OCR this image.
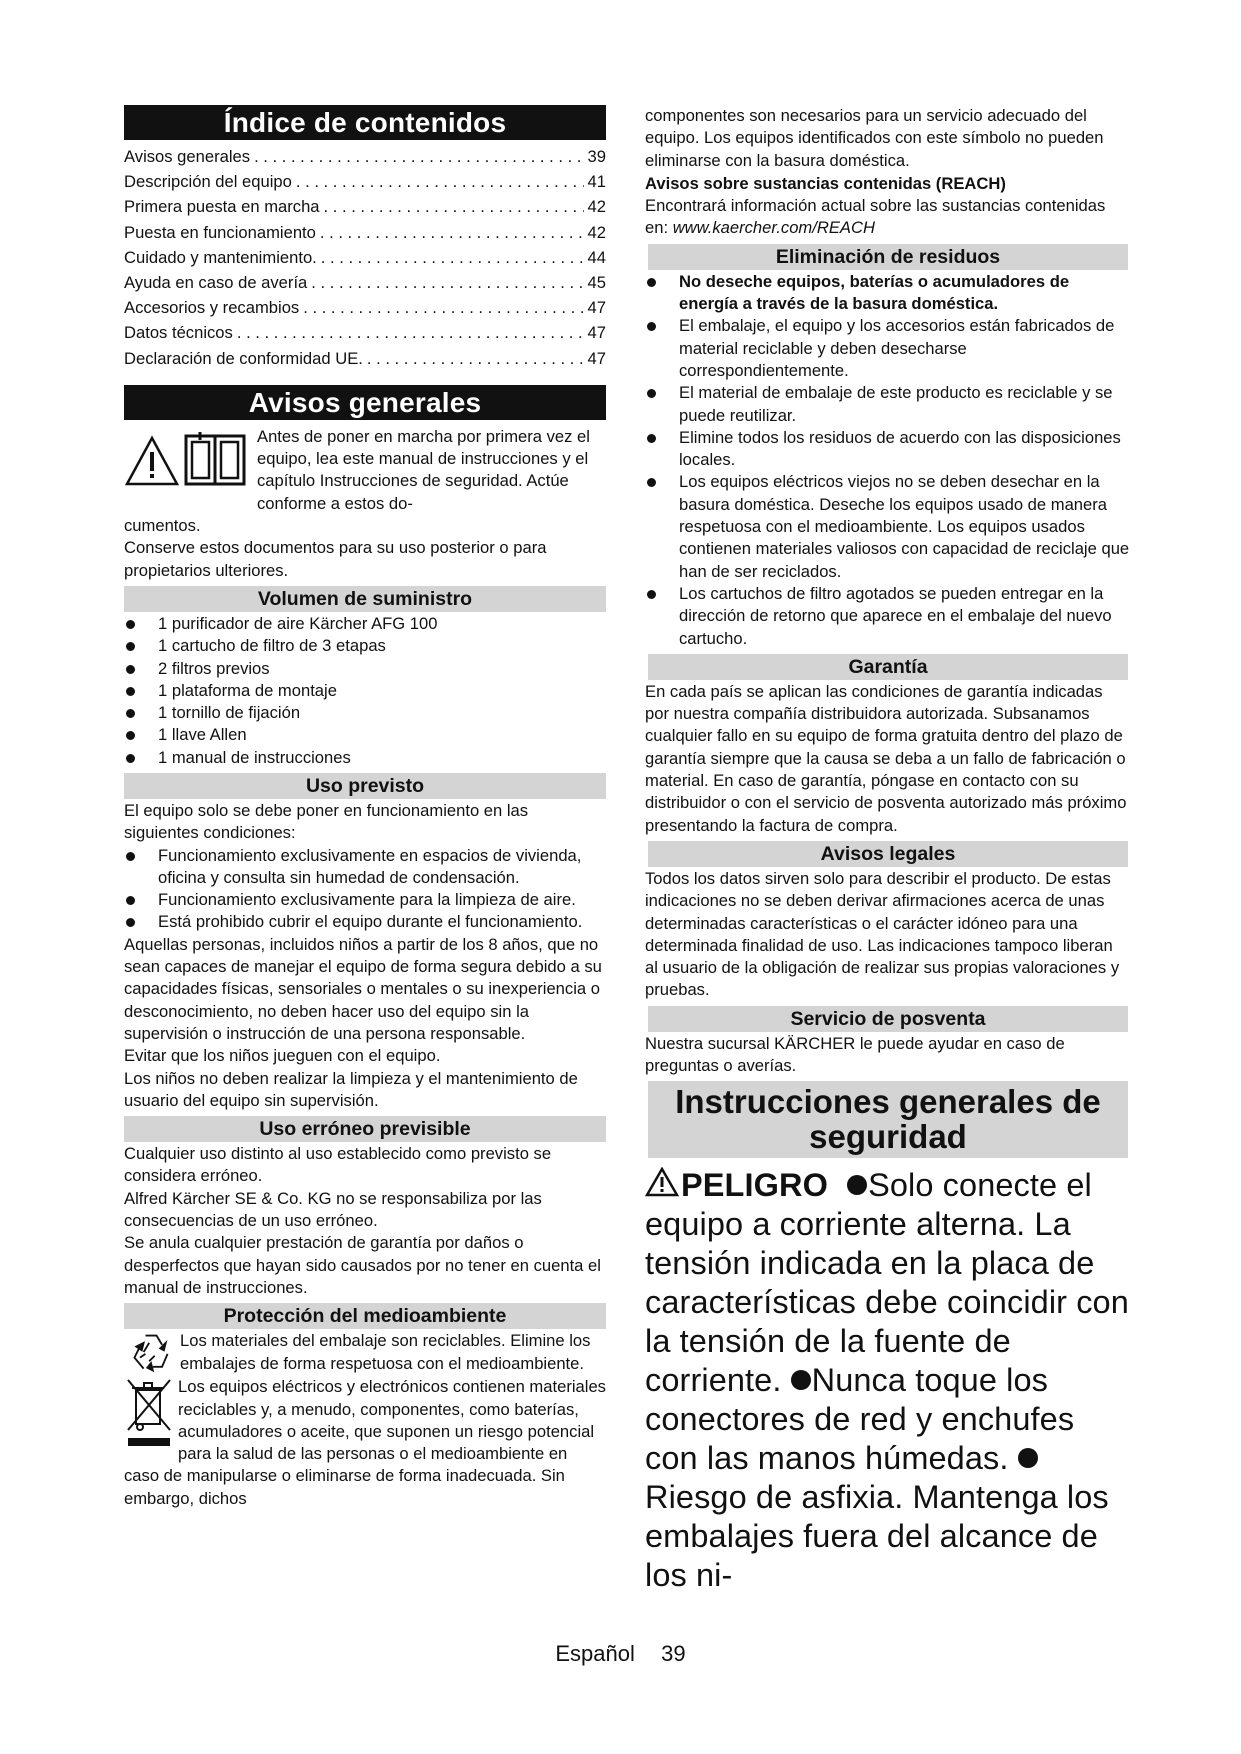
Índice de contenidos
Avisos generales . . .	39
Descripción del equipo . . .	41
Primera puesta en marcha . . .	42
Puesta en funcionamiento . . .	42
Cuidado y mantenimiento. . . .	44
Ayuda en caso de avería . . .	45
Accesorios y recambios . . .	47
Datos técnicos . . .	47
Declaración de conformidad UE. . . .	47
Avisos generales
Antes de poner en marcha por primera vez el equipo, lea este manual de instrucciones y el capítulo Instrucciones de seguridad. Actúe conforme a estos do-
cumentos.
Conserve estos documentos para su uso posterior o para propietarios ulteriores.
Volumen de suministro
1 purificador de aire Kärcher AFG 100
1 cartucho de filtro de 3 etapas
2 filtros previos
1 plataforma de montaje
1 tornillo de fijación
1 llave Allen
1 manual de instrucciones
Uso previsto
El equipo solo se debe poner en funcionamiento en las siguientes condiciones:
Funcionamiento exclusivamente en espacios de vivienda, oficina y consulta sin humedad de condensación.
Funcionamiento exclusivamente para la limpieza de aire.
Está prohibido cubrir el equipo durante el funcionamiento.
Aquellas personas, incluidos niños a partir de los 8 años, que no sean capaces de manejar el equipo de forma segura debido a su capacidades físicas, sensoriales o mentales o su inexperiencia o desconocimiento, no deben hacer uso del equipo sin la supervisión o instrucción de una persona responsable.
Evitar que los niños jueguen con el equipo.
Los niños no deben realizar la limpieza y el mantenimiento de usuario del equipo sin supervisión.
Uso erróneo previsible
Cualquier uso distinto al uso establecido como previsto se considera erróneo.
Alfred Kärcher SE & Co. KG no se responsabiliza por las consecuencias de un uso erróneo.
Se anula cualquier prestación de garantía por daños o desperfectos que hayan sido causados por no tener en cuenta el manual de instrucciones.
Protección del medioambiente
Los materiales del embalaje son reciclables. Elimine los embalajes de forma respetuosa con el medioambiente.
Los equipos eléctricos y electrónicos contienen materiales reciclables y, a menudo, componentes, como baterías, acumuladores o aceite, que suponen un riesgo potencial para la salud de las personas o el medioambiente en caso de manipularse o eliminarse de forma inadecuada. Sin embargo, dichos
componentes son necesarios para un servicio adecuado del equipo. Los equipos identificados con este símbolo no pueden eliminarse con la basura doméstica.
Avisos sobre sustancias contenidas (REACH)
Encontrará información actual sobre las sustancias contenidas en: www.kaercher.com/REACH
Eliminación de residuos
No deseche equipos, baterías o acumuladores de energía a través de la basura doméstica.
El embalaje, el equipo y los accesorios están fabricados de material reciclable y deben desecharse correspondientemente.
El material de embalaje de este producto es reciclable y se puede reutilizar.
Elimine todos los residuos de acuerdo con las disposiciones locales.
Los equipos eléctricos viejos no se deben desechar en la basura doméstica. Deseche los equipos usado de manera respetuosa con el medioambiente. Los equipos usados contienen materiales valiosos con capacidad de reciclaje que han de ser reciclados.
Los cartuchos de filtro agotados se pueden entregar en la dirección de retorno que aparece en el embalaje del nuevo cartucho.
Garantía
En cada país se aplican las condiciones de garantía indicadas por nuestra compañía distribuidora autorizada. Subsanamos cualquier fallo en su equipo de forma gratuita dentro del plazo de garantía siempre que la causa se deba a un fallo de fabricación o material. En caso de garantía, póngase en contacto con su distribuidor o con el servicio de posventa autorizado más próximo presentando la factura de compra.
Avisos legales
Todos los datos sirven solo para describir el producto. De estas indicaciones no se deben derivar afirmaciones acerca de unas determinadas características o el carácter idóneo para una determinada finalidad de uso. Las indicaciones tampoco liberan al usuario de la obligación de realizar sus propias valoraciones y pruebas.
Servicio de posventa
Nuestra sucursal KÄRCHER le puede ayudar en caso de preguntas o averías.
Instrucciones generales de seguridad
PELIGRO Solo conecte el equipo a corriente alterna. La tensión indicada en la placa de características debe coincidir con la tensión de la fuente de corriente. Nunca toque los conectores de red y enchufes con las manos húmedas. Riesgo de asfixia. Mantenga los embalajes fuera del alcance de los ni-
Español 39
